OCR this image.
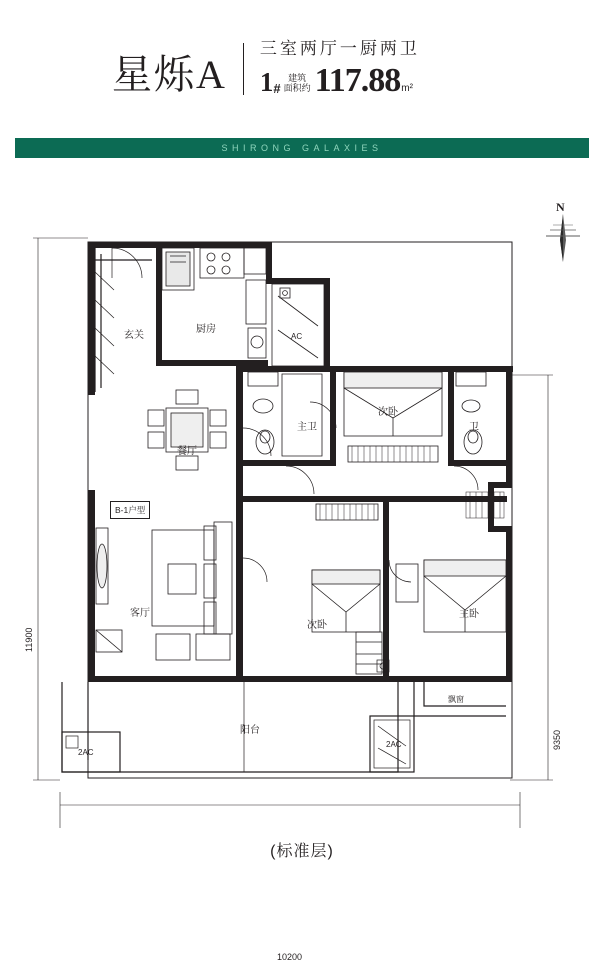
星烁A
三室两厅一厨两卫
1 #
建筑
面积约 117.88 m²
SHIRONG GALAXIES
N
11900
9350
10200
B-1户型
玄关
厨房
餐厅
主卫
次卧
卫
客厅
次卧
主卧
阳台
飘窗
2AC
AC
2AC
(标准层)
